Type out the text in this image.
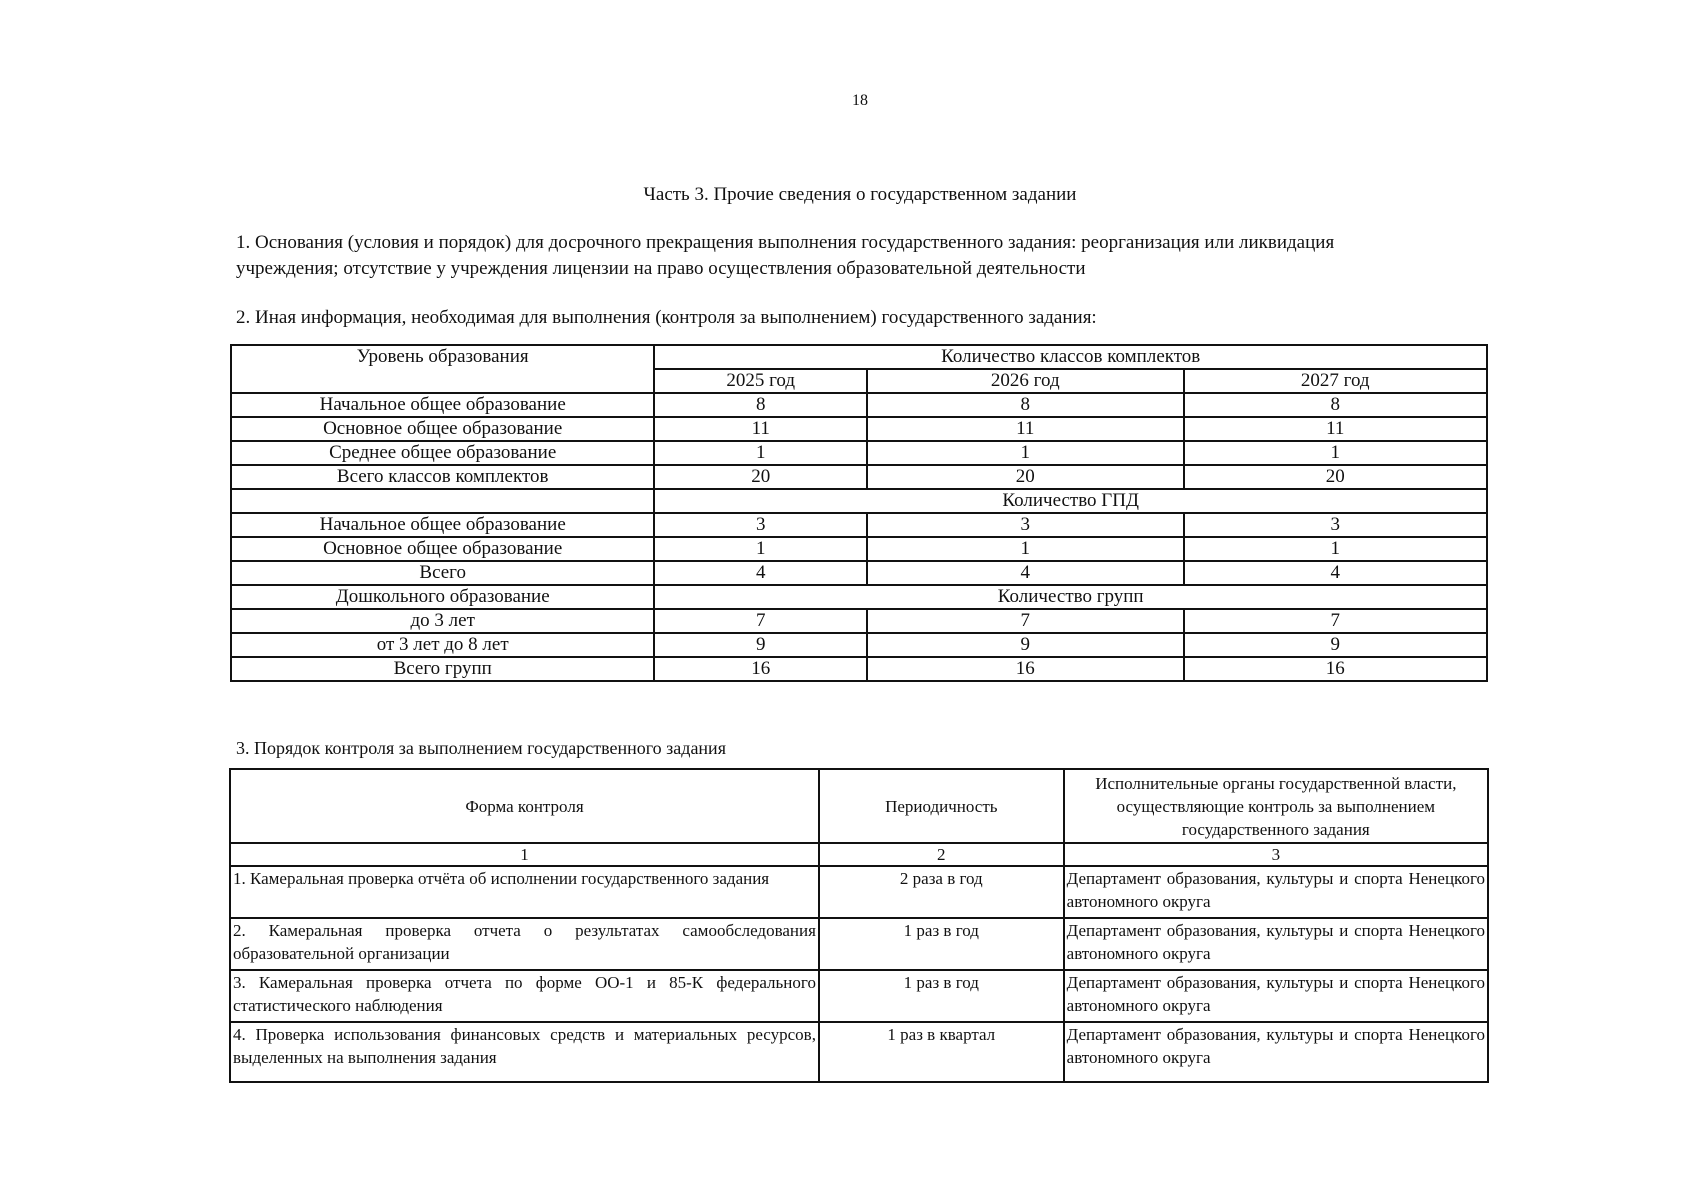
18
Часть 3. Прочие сведения о государственном задании
1. Основания (условия и порядок) для досрочного прекращения выполнения государственного задания: реорганизация или ликвидация
учреждения; отсутствие у учреждения лицензии на право осуществления образовательной деятельности
2. Иная информация, необходимая для выполнения (контроля за выполнением) государственного задания:
Уровень образования	Количество классов комплектов		
	2025 год	2026 год	2027 год
Начальное общее образование	8	8	8
Основное общее образование	11	11	11
Среднее общее образование	1	1	1
Всего классов комплектов	20	20	20
	Количество ГПД		
Начальное общее образование	3	3	3
Основное общее образование	1	1	1
Всего	4	4	4
Дошкольного образование	Количество групп		
до 3 лет	7	7	7
от 3 лет до 8 лет	9	9	9
Всего групп	16	16	16
3. Порядок контроля за выполнением государственного задания
Форма контроля	Периодичность	Исполнительные органы государственной власти, осуществляющие контроль за выполнением государственного задания
1	2	3
1. Камеральная проверка отчёта об исполнении государственного задания	2 раза в год	Департамент образования, культуры и спорта Ненецкого автономного округа
2. Камеральная проверка отчета о результатах самообследования образовательной организации	1 раз в год	Департамент образования, культуры и спорта Ненецкого автономного округа
3. Камеральная проверка отчета по форме ОО-1 и 85-К федерального статистического наблюдения	1 раз в год	Департамент образования, культуры и спорта Ненецкого автономного округа
4. Проверка использования финансовых средств и материальных ресурсов, выделенных на выполнения задания	1 раз в квартал	Департамент образования, культуры и спорта Ненецкого автономного округа
